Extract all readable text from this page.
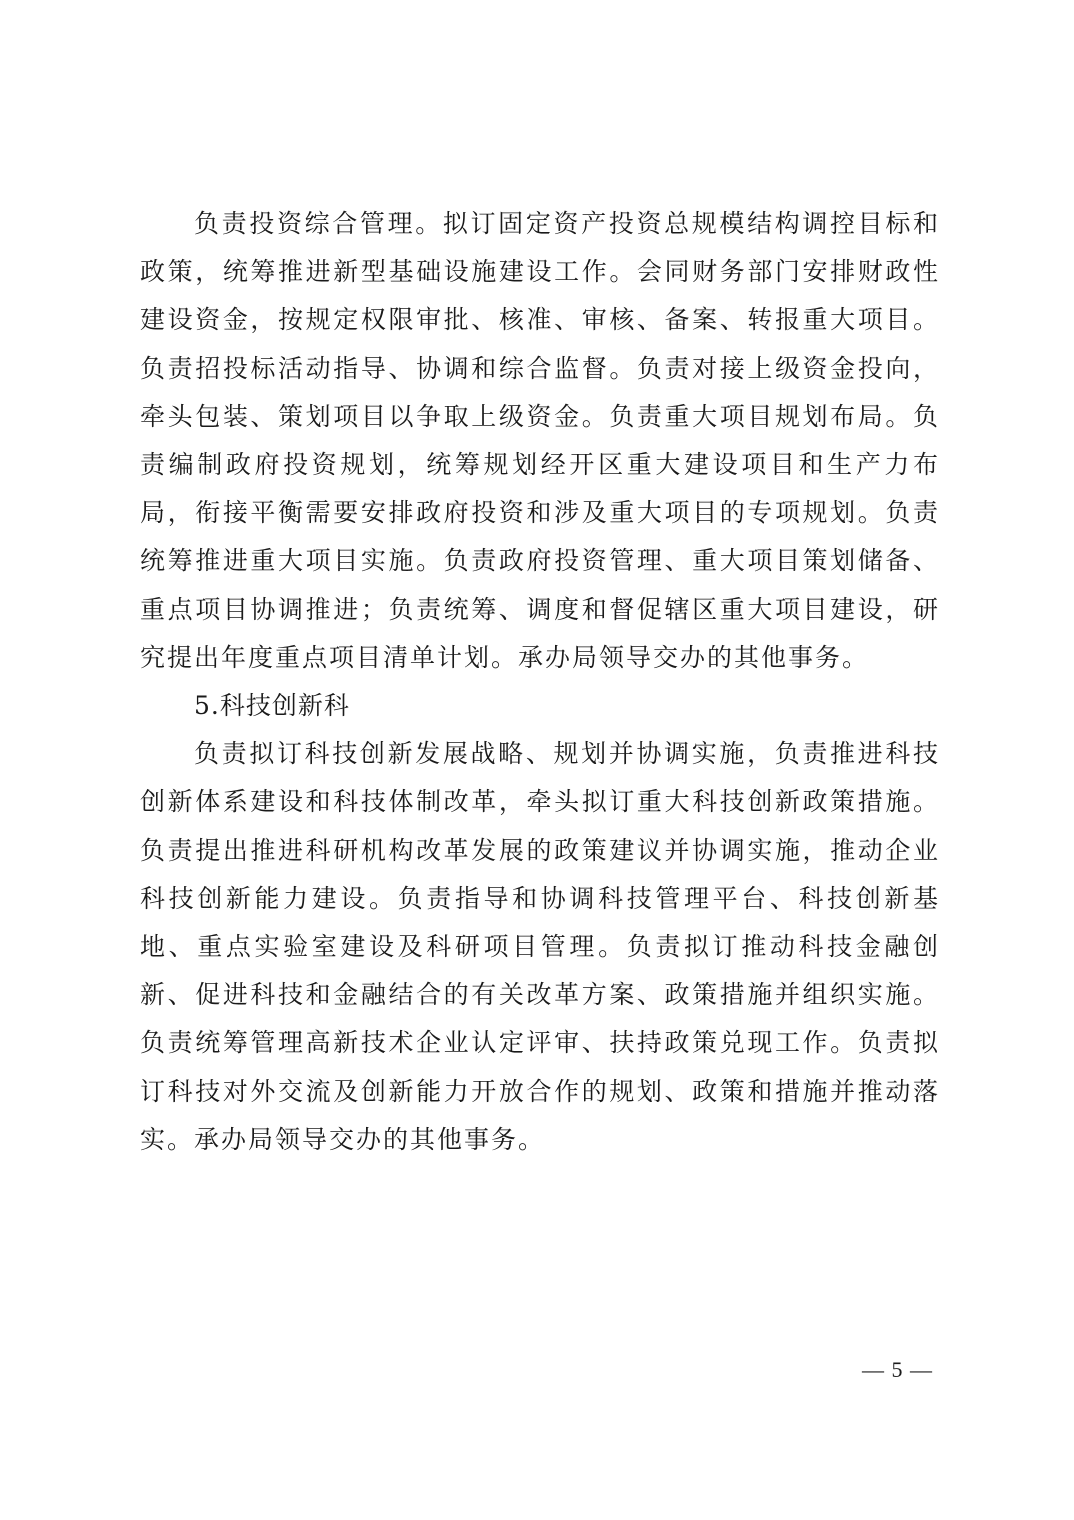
负责投资综合管理。拟订固定资产投资总规模结构调控目标和政策，统筹推进新型基础设施建设工作。会同财务部门安排财政性建设资金，按规定权限审批、核准、审核、备案、转报重大项目。负责招投标活动指导、协调和综合监督。负责对接上级资金投向，牵头包装、策划项目以争取上级资金。负责重大项目规划布局。负责编制政府投资规划，统筹规划经开区重大建设项目和生产力布局，衔接平衡需要安排政府投资和涉及重大项目的专项规划。负责统筹推进重大项目实施。负责政府投资管理、重大项目策划储备、重点项目协调推进；负责统筹、调度和督促辖区重大项目建设，研究提出年度重点项目清单计划。承办局领导交办的其他事务。

5.科技创新科

负责拟订科技创新发展战略、规划并协调实施，负责推进科技创新体系建设和科技体制改革，牵头拟订重大科技创新政策措施。负责提出推进科研机构改革发展的政策建议并协调实施，推动企业科技创新能力建设。负责指导和协调科技管理平台、科技创新基地、重点实验室建设及科研项目管理。负责拟订推动科技金融创新、促进科技和金融结合的有关改革方案、政策措施并组织实施。负责统筹管理高新技术企业认定评审、扶持政策兑现工作。负责拟订科技对外交流及创新能力开放合作的规划、政策和措施并推动落实。承办局领导交办的其他事务。

— 5 —
